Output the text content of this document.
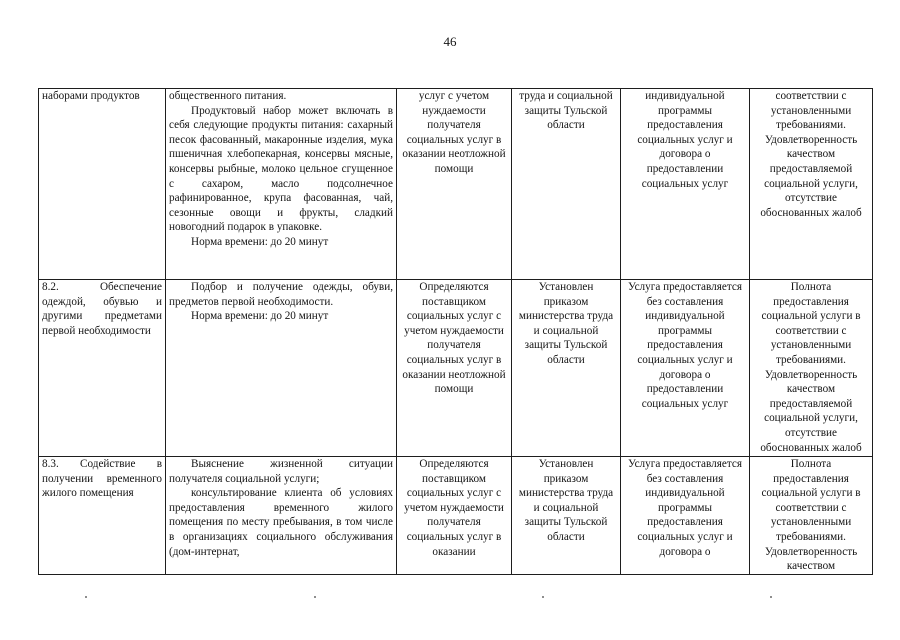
46
наборами продуктов	общественного питания.

Продуктовый набор может включать в себя следующие продукты питания: сахарный песок фасованный, макаронные изделия, мука пшеничная хлебопекарная, консервы мясные, консервы рыбные, молоко цельное сгущенное с сахаром, масло подсолнечное рафинированное, крупа фасованная, чай, сезонные овощи и фрукты, сладкий новогодний подарок в упаковке.

Норма времени: до 20 минут	услуг с учетом нуждаемости получателя социальных услуг в оказании неотложной помощи	труда и социальной защиты Тульской области	индивидуальной программы предоставления социальных услуг и договора о предоставлении социальных услуг	соответствии с установленными требованиями. Удовлетворенность качеством предоставляемой социальной услуги, отсутствие обоснованных жалоб
8.2. Обеспечение одеждой, обувью и другими предметами первой необходимости	Подбор и получение одежды, обуви, предметов первой необходимости.

Норма времени: до 20 минут	Определяются поставщиком социальных услуг с учетом нуждаемости получателя социальных услуг в оказании неотложной помощи	Установлен приказом министерства труда и социальной защиты Тульской области	Услуга предоставляется без составления индивидуальной программы предоставления социальных услуг и договора о предоставлении социальных услуг	Полнота предоставления социальной услуги в соответствии с установленными требованиями. Удовлетворенность качеством предоставляемой социальной услуги, отсутствие обоснованных жалоб
8.3. Содействие в получении временного жилого помещения	Выяснение жизненной ситуации получателя социальной услуги;

консультирование клиента об условиях предоставления временного жилого помещения по месту пребывания, в том числе в организациях социального обслуживания (дом-интернат,	Определяются поставщиком социальных услуг с учетом нуждаемости получателя социальных услуг в оказании	Установлен приказом министерства труда и социальной защиты Тульской области	Услуга предоставляется без составления индивидуальной программы предоставления социальных услуг и договора о	Полнота предоставления социальной услуги в соответствии с установленными требованиями. Удовлетворенность качеством
